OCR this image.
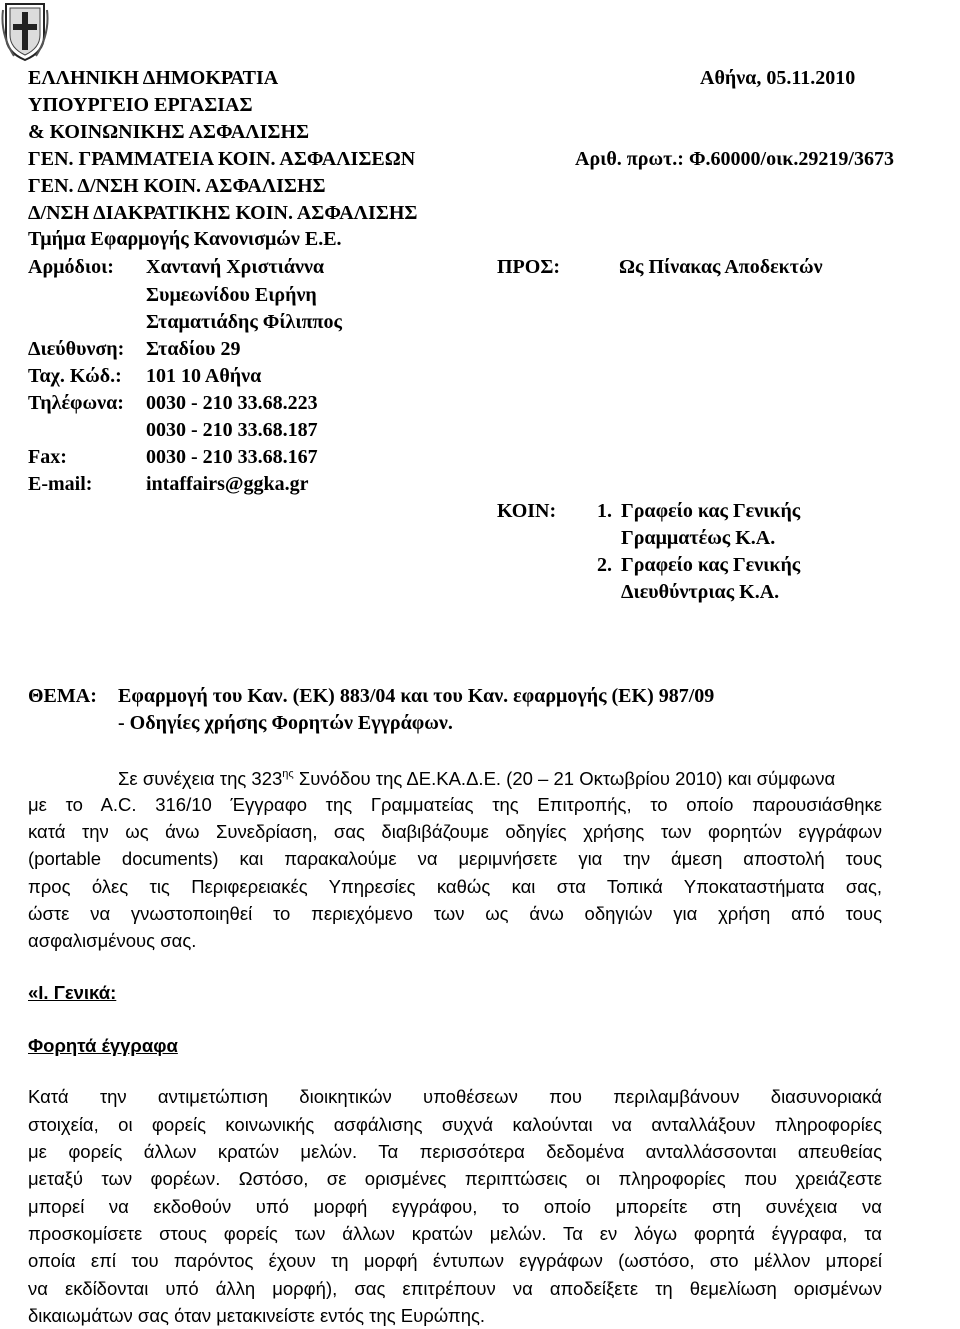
ΕΛΛΗΝΙΚΗ ΔΗΜΟΚΡΑΤΙΑ
ΥΠΟΥΡΓΕΙΟ ΕΡΓΑΣΙΑΣ
& ΚΟΙΝΩΝΙΚΗΣ ΑΣΦΑΛΙΣΗΣ
ΓΕΝ. ΓΡΑΜΜΑΤΕΙΑ ΚΟΙΝ. ΑΣΦΑΛΙΣΕΩΝ
ΓΕΝ. Δ/ΝΣΗ ΚΟΙΝ. ΑΣΦΑΛΙΣΗΣ
Δ/ΝΣΗ ΔΙΑΚΡΑΤΙΚΗΣ ΚΟΙΝ. ΑΣΦΑΛΙΣΗΣ
Τμήμα Εφαρμογής Κανονισμών Ε.Ε.
Αθήνα, 05.11.2010
Αριθ. πρωτ.: Φ.60000/οικ.29219/3673
Αρμόδιοι: Χαντανή Χριστιάννα
Συμεωνίδου Ειρήνη
Σταματιάδης Φίλιππος
Διεύθυνση: Σταδίου 29
Ταχ. Κώδ.: 101 10 Αθήνα
Τηλέφωνα: 0030 - 210 33.68.223
0030 - 210 33.68.187
Fax:	0030 - 210 33.68.167
E-mail:	intaffairs@ggka.gr
ΠΡΟΣ:	Ως Πίνακας Αποδεκτών
ΚΟΙΝ: 1. Γραφείο κας Γενικής
Γραμματέως Κ.Α.
2. Γραφείο κας Γενικής
Διευθύντριας Κ.Α.
ΘΕΜΑ: Εφαρμογή του Καν. (ΕΚ) 883/04 και του Καν. εφαρμογής (ΕΚ) 987/09
- Οδηγίες χρήσης Φορητών Εγγράφων.
Σε συνέχεια της $323^{\eta\varsigma}$ Συνόδου της ΔΕ.ΚΑ.Δ.Ε. (20 – 21 Οκτωβρίου 2010) και σύμφωνα
με το Α.C. 316/10 Έγγραφο της Γραμματείας της Επιτροπής, το οποίο παρουσιάσθηκε
κατά την ως άνω Συνεδρίαση, σας διαβιβάζουμε οδηγίες χρήσης των φορητών εγγράφων
(portable documents) και παρακαλούμε να μεριμνήσετε για την άμεση αποστολή τους
προς όλες τις Περιφερειακές Υπηρεσίες καθώς και στα Τοπικά Υποκαταστήματα σας,
ώστε να γνωστοποιηθεί το περιεχόμενο των ως άνω οδηγιών για χρήση από τους
ασφαλισμένους σας.
«Ι. Γενικά:
Φορητά έγγραφα
Κατά την αντιμετώπιση διοικητικών υποθέσεων που περιλαμβάνουν διασυνοριακά
στοιχεία, οι φορείς κοινωνικής ασφάλισης συχνά καλούνται να ανταλλάξουν πληροφορίες
με φορείς άλλων κρατών μελών. Τα περισσότερα δεδομένα ανταλλάσσονται απευθείας
μεταξύ των φορέων. Ωστόσο, σε ορισμένες περιπτώσεις οι πληροφορίες που χρειάζεστε
μπορεί να εκδοθούν υπό μορφή εγγράφου, το οποίο μπορείτε στη συνέχεια να
προσκομίσετε στους φορείς των άλλων κρατών μελών. Τα εν λόγω φορητά έγγραφα, τα
οποία επί του παρόντος έχουν τη μορφή έντυπων εγγράφων (ωστόσο, στο μέλλον μπορεί
να εκδίδονται υπό άλλη μορφή), σας επιτρέπουν να αποδείξετε τη θεμελίωση ορισμένων
δικαιωμάτων σας όταν μετακινείστε εντός της Ευρώπης.
